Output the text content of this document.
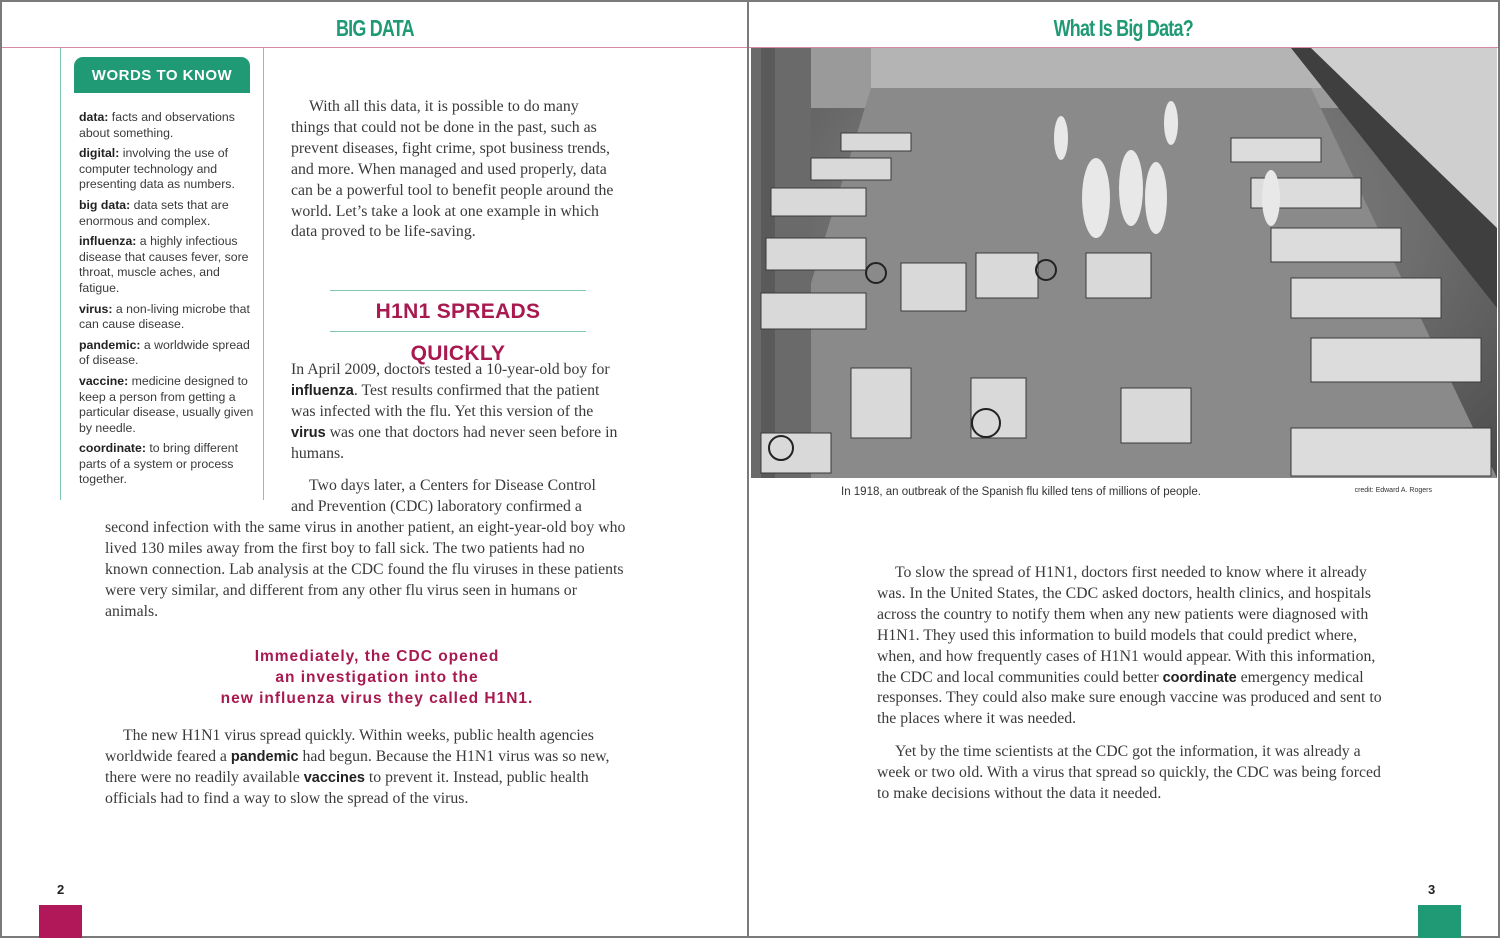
BIG DATA
WORDS TO KNOW
data: facts and observations about something.
digital: involving the use of computer technology and presenting data as numbers.
big data: data sets that are enormous and complex.
influenza: a highly infectious disease that causes fever, sore throat, muscle aches, and fatigue.
virus: a non-living microbe that can cause disease.
pandemic: a worldwide spread of disease.
vaccine: medicine designed to keep a person from getting a particular disease, usually given by needle.
coordinate: to bring different parts of a system or process together.

With all this data, it is possible to do many things that could not be done in the past, such as prevent diseases, fight crime, spot business trends, and more. When managed and used properly, data can be a powerful tool to benefit people around the world. Let’s take a look at one example in which data proved to be life-saving.

H1N1 SPREADS QUICKLY

In April 2009, doctors tested a 10-year-old boy for influenza. Test results confirmed that the patient was infected with the flu. Yet this version of the virus was one that doctors had never seen before in humans.

Two days later, a Centers for Disease Control and Prevention (CDC) laboratory confirmed a

second infection with the same virus in another patient, an eight-year-old boy who lived 130 miles away from the first boy to fall sick. The two patients had no known connection. Lab analysis at the CDC found the flu viruses in these patients were very similar, and different from any other flu virus seen in humans or animals.

Immediately, the CDC opened
an investigation into the
new influenza virus they called H1N1.

The new H1N1 virus spread quickly. Within weeks, public health agencies worldwide feared a pandemic had begun. Because the H1N1 virus was so new, there were no readily available vaccines to prevent it. Instead, public health officials had to find a way to slow the spread of the virus.

2
What Is Big Data?
In 1918, an outbreak of the Spanish flu killed tens of millions of people.	credit: Edward A. Rogers

To slow the spread of H1N1, doctors first needed to know where it already was. In the United States, the CDC asked doctors, health clinics, and hospitals across the country to notify them when any new patients were diagnosed with H1N1. They used this information to build models that could predict where, when, and how frequently cases of H1N1 would appear. With this information, the CDC and local communities could better coordinate emergency medical responses. They could also make sure enough vaccine was produced and sent to the places where it was needed.

Yet by the time scientists at the CDC got the information, it was already a week or two old. With a virus that spread so quickly, the CDC was being forced to make decisions without the data it needed.

3
